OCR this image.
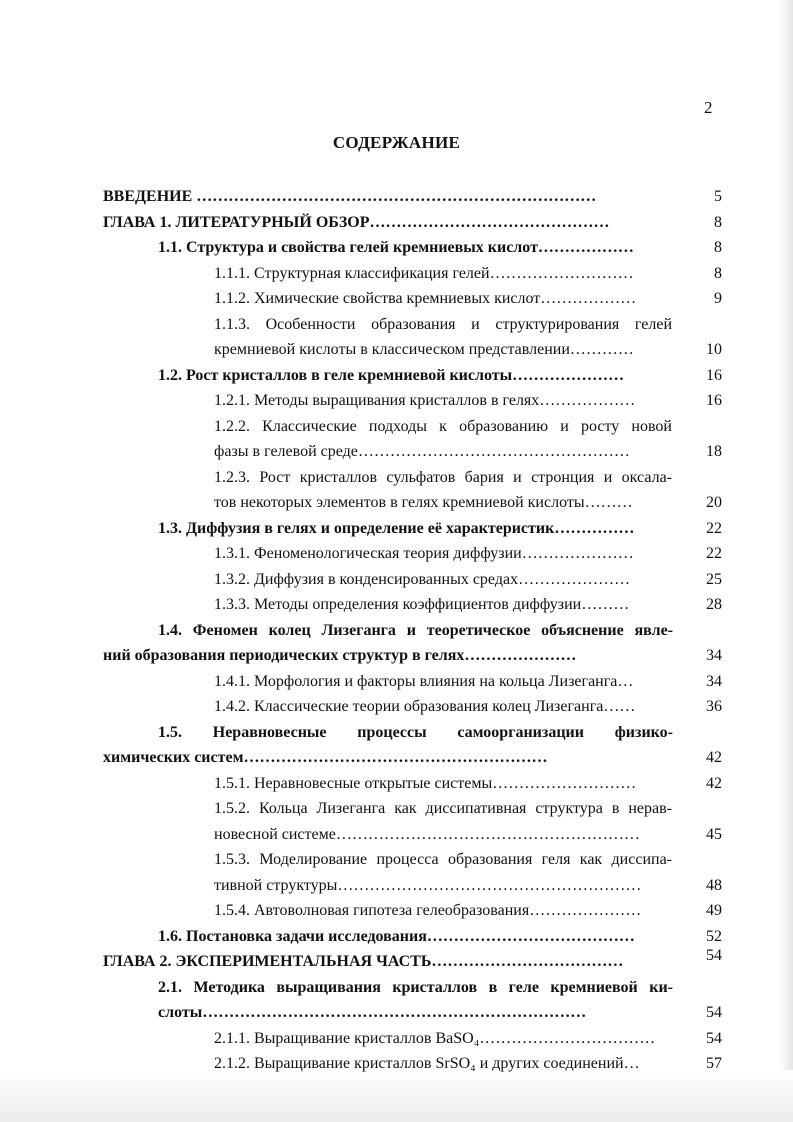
2
СОДЕРЖАНИЕ
ВВЕДЕНИЕ …………………………………………………………………	5
ГЛАВА 1. ЛИТЕРАТУРНЫЙ ОБЗОР………………………………………	8
1.1. Структура и свойства гелей кремниевых кислот………………	8
1.1.1. Структурная классификация гелей………………………	8
1.1.2. Химические свойства кремниевых кислот………………	9
1.1.3. Особенности образования и структурирования гелей
кремниевой кислоты в классическом представлении…………	10
1.2. Рост кристаллов в геле кремниевой кислоты…………………	16
1.2.1. Методы выращивания кристаллов в гелях………………	16
1.2.2. Классические подходы к образованию и росту новой
фазы в гелевой среде……………………………………………	18
1.2.3. Рост кристаллов сульфатов бария и стронция и оксала-
тов некоторых элементов в гелях кремниевой кислоты………	20
1.3. Диффузия в гелях и определение её характеристик……………	22
1.3.1. Феноменологическая теория диффузии…………………	22
1.3.2. Диффузия в конденсированных средах…………………	25
1.3.3. Методы определения коэффициентов диффузии………	28
1.4. Феномен колец Лизеганга и теоретическое объяснение явле-
ний образования периодических структур в гелях…………………	34
1.4.1. Морфология и факторы влияния на кольца Лизеганга…	34
1.4.2. Классические теории образования колец Лизеганга……	36
1.5. Неравновесные процессы самоорганизации физико-
химических систем…………………………………………………	42
1.5.1. Неравновесные открытые системы………………………	42
1.5.2. Кольца Лизеганга как диссипативная структура в нерав-
новесной системе…………………………………………………	45
1.5.3. Моделирование процесса образования геля как диссипа-
тивной структуры…………………………………………………	48
1.5.4. Автоволновая гипотеза гелеобразования…………………	49
1.6. Постановка задачи исследования…………………………………	52
ГЛАВА 2. ЭКСПЕРИМЕНТАЛЬНАЯ ЧАСТЬ………………………………	54
2.1. Методика выращивания кристаллов в геле кремниевой ки-
слоты………………………………………………………………	54
2.1.1. Выращивание кристаллов BaSO₄……………………………	54
2.1.2. Выращивание кристаллов SrSO₄ и других соединений…	57
